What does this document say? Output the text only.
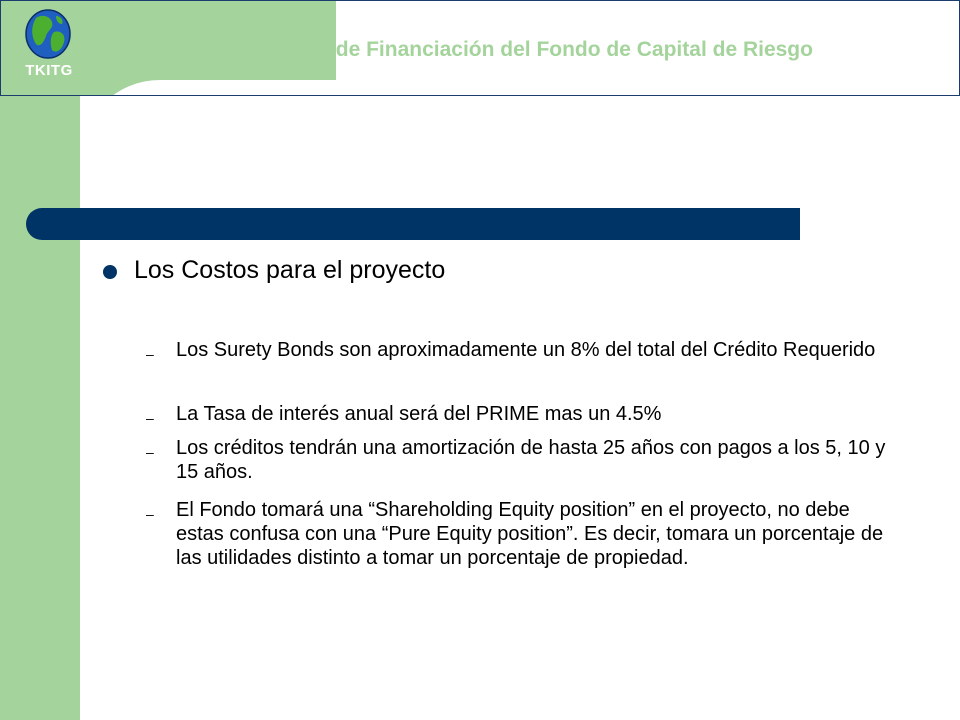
TKITG
Proceso de Financiación del Fondo de Capital de Riesgo
Los Costos para el proyecto
– Los Surety Bonds son aproximadamente un 8% del total del Crédito Requerido
– La Tasa de interés anual será del PRIME mas un 4.5%
– Los créditos tendrán una amortización de hasta 25 años con pagos a los 5, 10 y 15 años.
– El Fondo tomará una “Shareholding Equity position” en el proyecto, no debe estas confusa con una “Pure Equity position”. Es decir, tomara un porcentaje de las utilidades distinto a tomar un porcentaje de propiedad.
